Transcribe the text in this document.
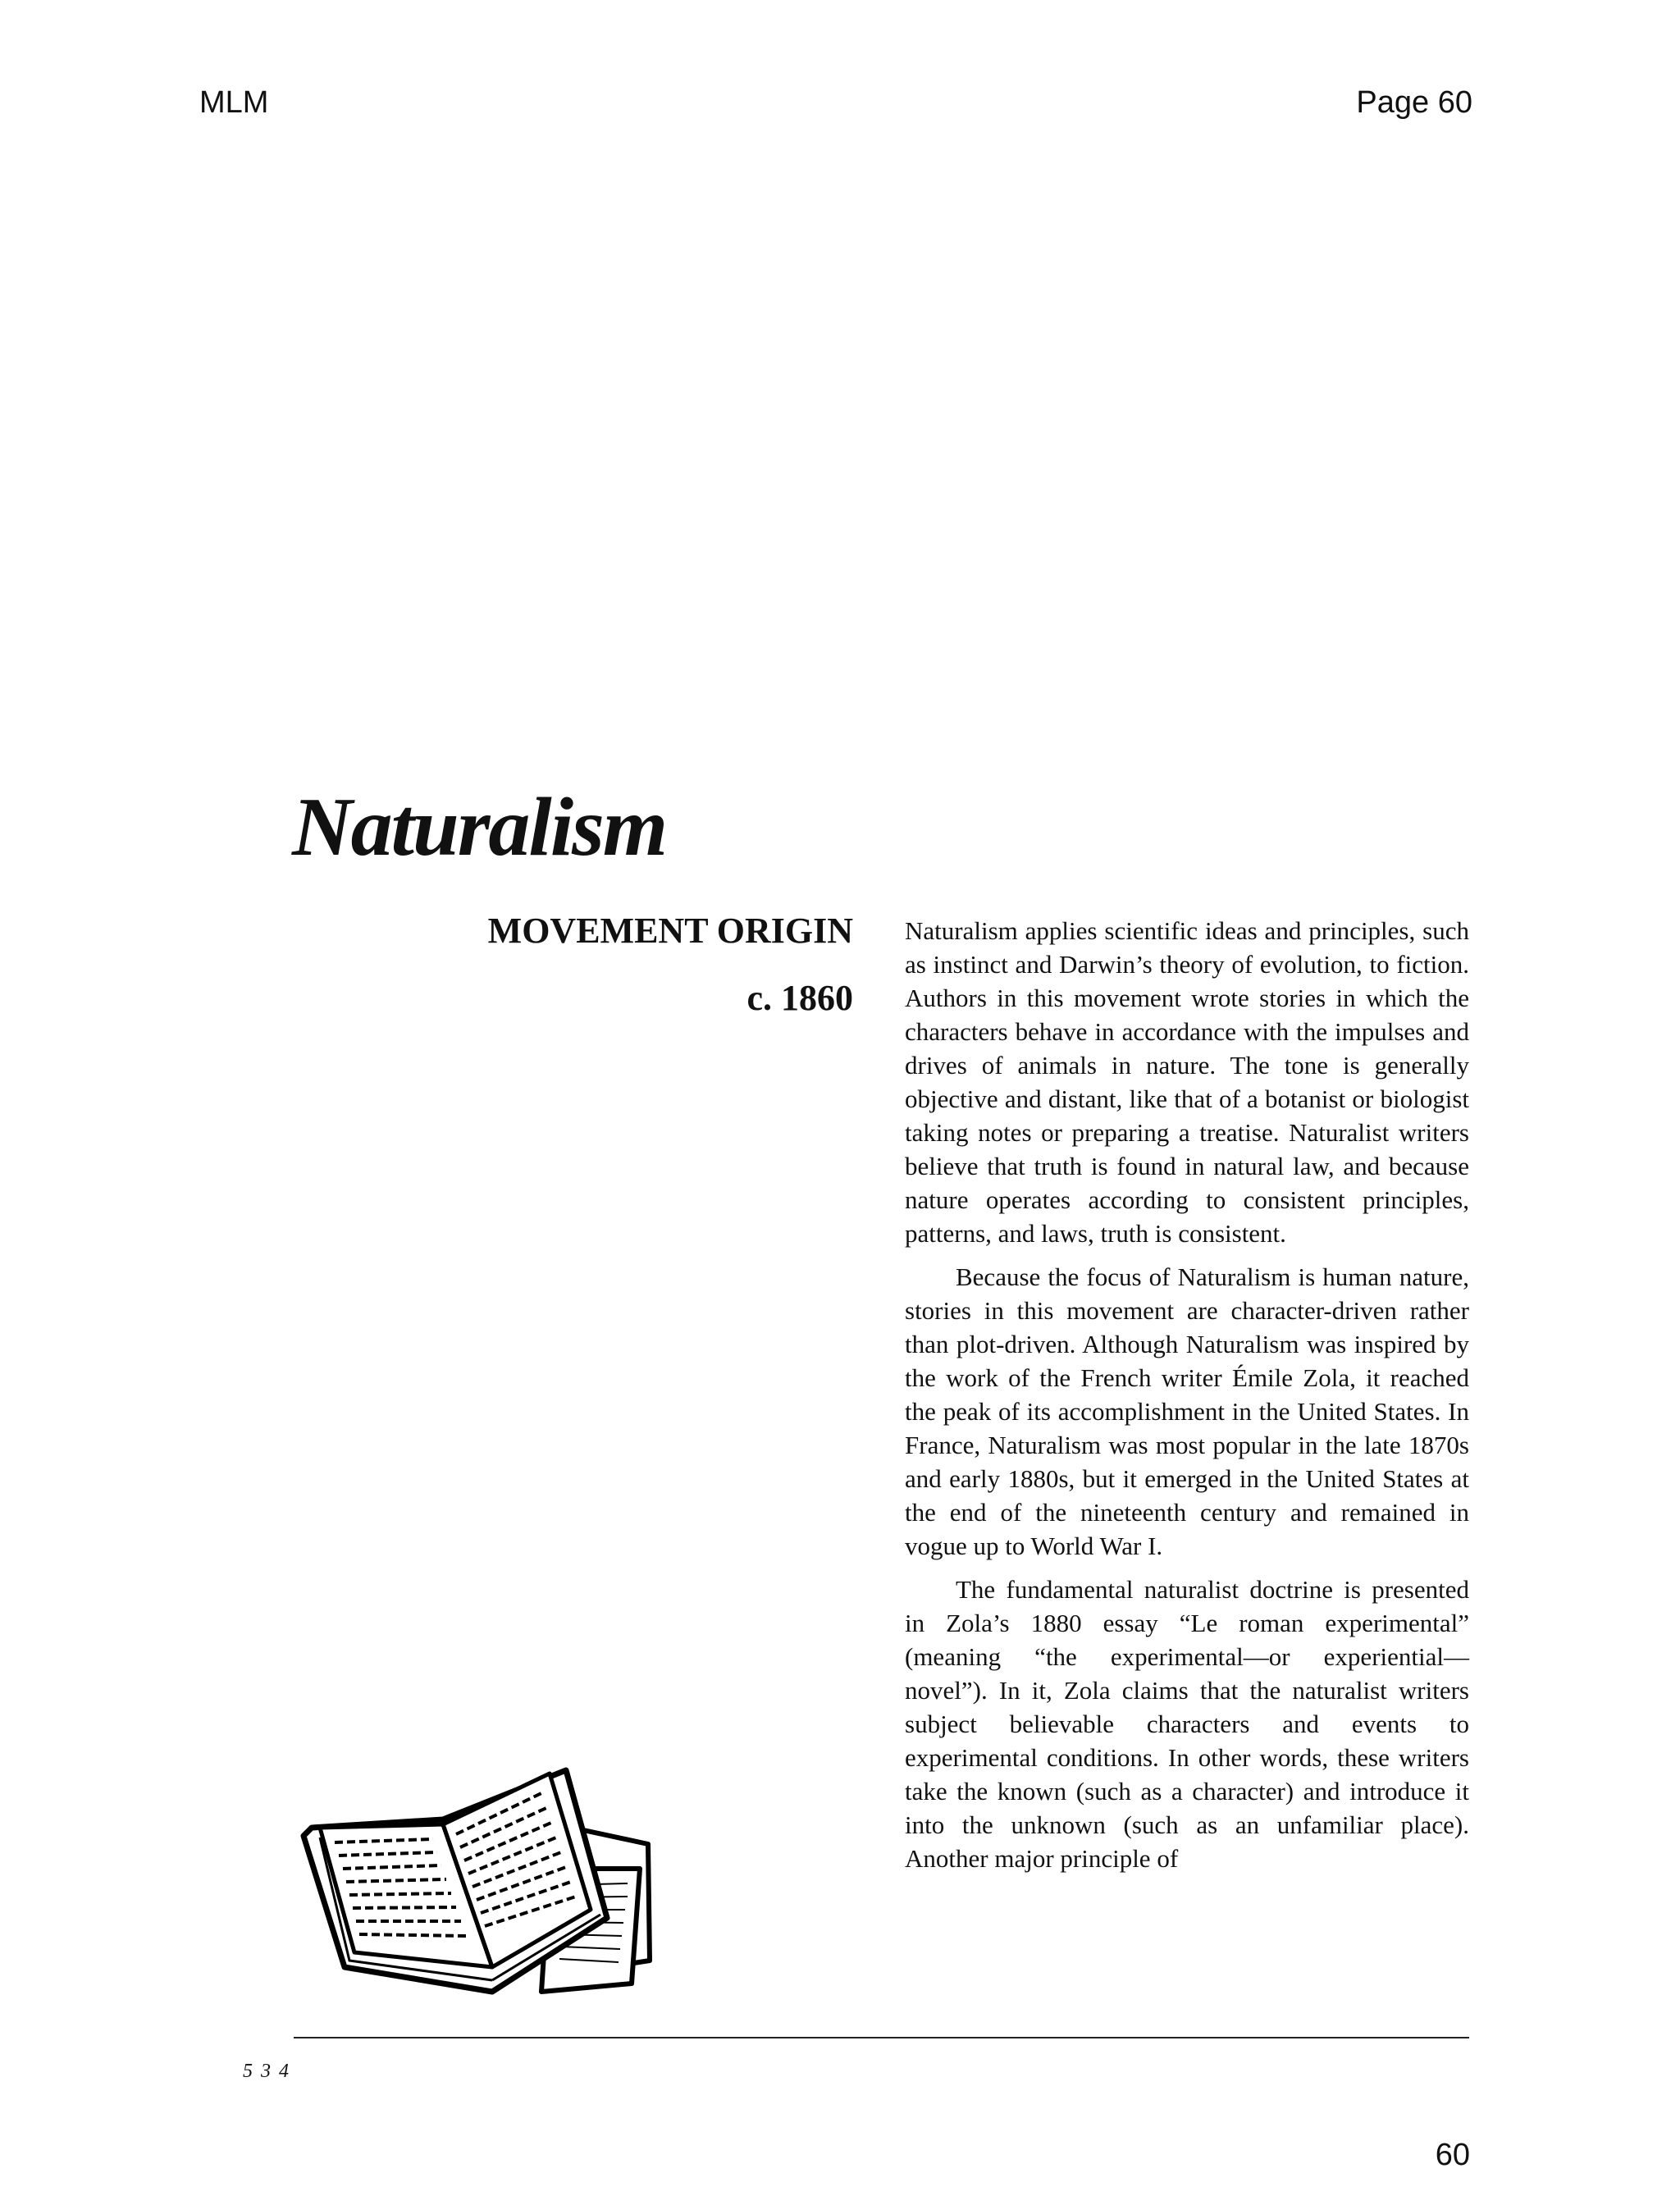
MLM	Page 60
Naturalism
MOVEMENT ORIGIN
c. 1860

Naturalism applies scientific ideas and principles, such as instinct and Darwin’s theory of evolution, to fiction. Authors in this movement wrote stories in which the characters behave in accordance with the impulses and drives of animals in nature. The tone is generally objective and distant, like that of a botanist or biologist taking notes or preparing a treatise. Naturalist writers believe that truth is found in natural law, and because nature operates according to consistent principles, patterns, and laws, truth is consistent.

Because the focus of Naturalism is human nature, stories in this movement are character-driven rather than plot-driven. Although Naturalism was inspired by the work of the French writer Émile Zola, it reached the peak of its accomplishment in the United States. In France, Naturalism was most popular in the late 1870s and early 1880s, but it emerged in the United States at the end of the nineteenth century and remained in vogue up to World War I.

The fundamental naturalist doctrine is presented in Zola’s 1880 essay “Le roman experimental” (meaning “the experimental—or experiential—novel”). In it, Zola claims that the naturalist writers subject believable characters and events to experimental conditions. In other words, these writers take the known (such as a character) and introduce it into the unknown (such as an unfamiliar place). Another major principle of

534
60
